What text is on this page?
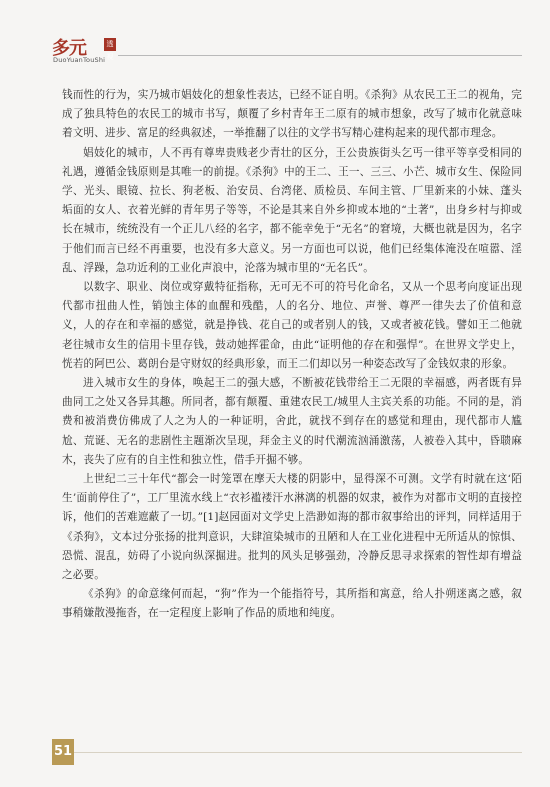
多元	透视
DuoYuanTouShi

钱而性的行为，实乃城市娼妓化的想象性表达，已经不证自明。《杀狗》从农民工王二的视角，完成了独具特色的农民工的城市书写，颠覆了乡村青年王二原有的城市想象，改写了城市化就意味着文明、进步、富足的经典叙述，一举推翻了以往的文学书写精心建构起来的现代都市理念。

娼妓化的城市，人不再有尊卑贵贱老少青壮的区分，王公贵族街头乞丐一律平等享受相同的礼遇，遵循金钱原则是其唯一的前提。《杀狗》中的王二、王一、三三、小芒、城市女生、保险同学、光头、眼镜、拉长、狗老板、治安员、台湾佬、质检员、车间主管、厂里新来的小妹、蓬头垢面的女人、衣着光鲜的青年男子等等，不论是其来自外乡抑或本地的“土著”，出身乡村与抑或长在城市，统统没有一个正儿八经的名字，都不能幸免于“无名”的窘境，大概也就是因为，名字于他们而言已经不再重要，也没有多大意义。另一方面也可以说，他们已经集体淹没在喧嚣、淫乱、浮躁，急功近利的工业化声浪中，沦落为城市里的“无名氏”。

以数字、职业、岗位或穿戴特征指称，无可无不可的符号化命名，又从一个思考向度证出现代都市扭曲人性，销蚀主体的血醒和残酷，人的名分、地位、声誉、尊严一律失去了价值和意义，人的存在和幸福的感觉，就是挣钱、花自己的或者别人的钱，又或者被花钱。譬如王二他就老往城市女生的信用卡里存钱，鼓动她挥霍命，由此“证明他的存在和强悍”。在世界文学史上，恍若的阿巴公、葛朗台是守财奴的经典形象，而王二们却以另一种姿态改写了金钱奴隶的形象。

进入城市女生的身体，唤起王二的强大感，不断被花钱带给王二无限的幸福感，两者既有异曲同工之处又各异其趣。所同者，都有颠覆、重建农民工/城里人主宾关系的功能。不同的是，消费和被消费仿佛成了人之为人的一种证明，舍此，就找不到存在的感觉和理由，现代都市人尴尬、荒诞、无名的悲剧性主题渐次呈现，拜金主义的时代潮流汹涌激荡，人被卷入其中，昏聩麻木，丧失了应有的自主性和独立性，借手开掘不够。

上世纪二三十年代“都会一时笼罩在摩天大楼的阴影中，显得深不可测。文学有时就在这‘陌生’面前停住了”，工厂里流水线上“衣衫褴褛汗水淋漓的机器的奴隶，被作为对都市文明的直接控诉，他们的苦难遮蔽了一切。”[1]赵园面对文学史上浩渺如海的都市叙事给出的评判，同样适用于《杀狗》，文本过分张扬的批判意识，大肆渲染城市的丑陋和人在工业化进程中无所适从的惊惧、恐慌、混乱，妨碍了小说向纵深掘进。批判的风头足够强劲，冷静反思寻求探索的智性却有增益之必要。

《杀狗》的命意缘何而起，“狗”作为一个能指符号，其所指和寓意，给人扑朔迷离之感，叙事稍嫌散漫拖沓，在一定程度上影响了作品的质地和纯度。

51
